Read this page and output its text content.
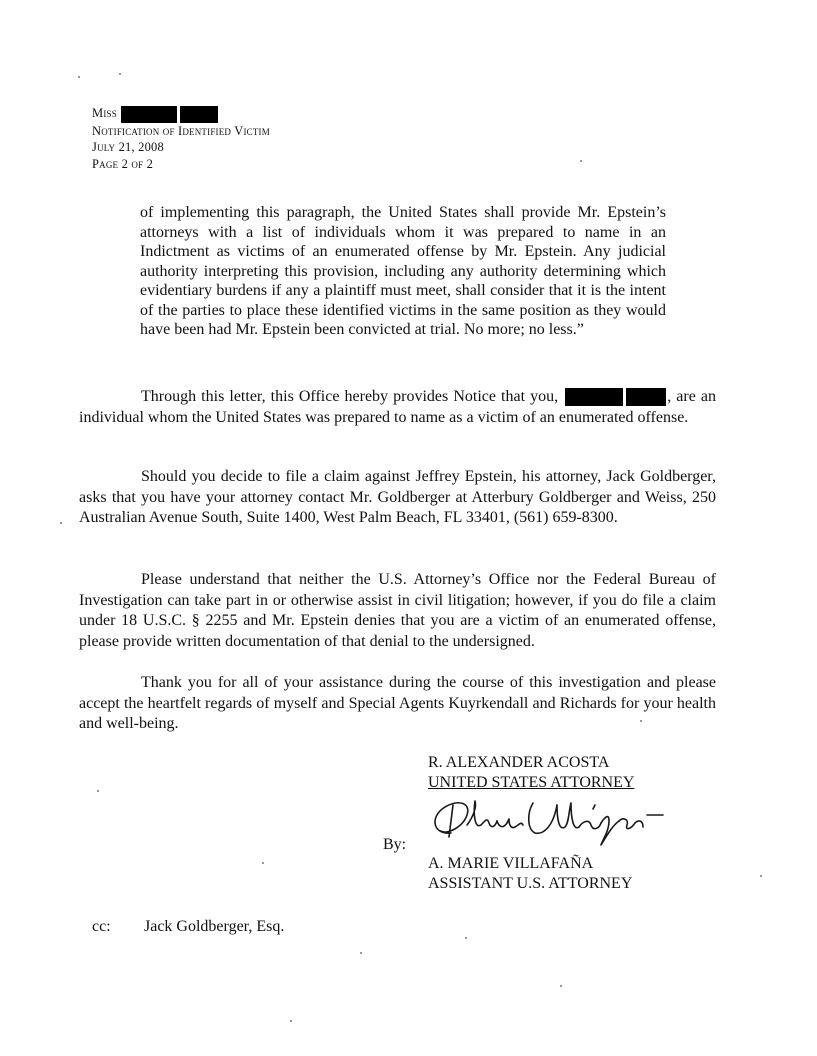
Miss
Notification of Identified Victim
July 21, 2008
Page 2 of 2
of implementing this paragraph, the United States shall provide Mr. Epstein’s attorneys with a list of individuals whom it was prepared to name in an Indictment as victims of an enumerated offense by Mr. Epstein. Any judicial authority interpreting this provision, including any authority determining which evidentiary burdens if any a plaintiff must meet, shall consider that it is the intent of the parties to place these identified victims in the same position as they would have been had Mr. Epstein been convicted at trial. No more; no less.”

Through this letter, this Office hereby provides Notice that you,	, are an individual whom the United States was prepared to name as a victim of an enumerated offense.

Should you decide to file a claim against Jeffrey Epstein, his attorney, Jack Goldberger, asks that you have your attorney contact Mr. Goldberger at Atterbury Goldberger and Weiss, 250 Australian Avenue South, Suite 1400, West Palm Beach, FL 33401, (561) 659-8300.

Please understand that neither the U.S. Attorney’s Office nor the Federal Bureau of Investigation can take part in or otherwise assist in civil litigation; however, if you do file a claim under 18 U.S.C. § 2255 and Mr. Epstein denies that you are a victim of an enumerated offense, please provide written documentation of that denial to the undersigned.

Thank you for all of your assistance during the course of this investigation and please accept the heartfelt regards of myself and Special Agents Kuyrkendall and Richards for your health and well-being.

R. ALEXANDER ACOSTA
UNITED STATES ATTORNEY
By:
A. MARIE VILLAFAÑA
ASSISTANT U.S. ATTORNEY
cc: Jack Goldberger, Esq.
